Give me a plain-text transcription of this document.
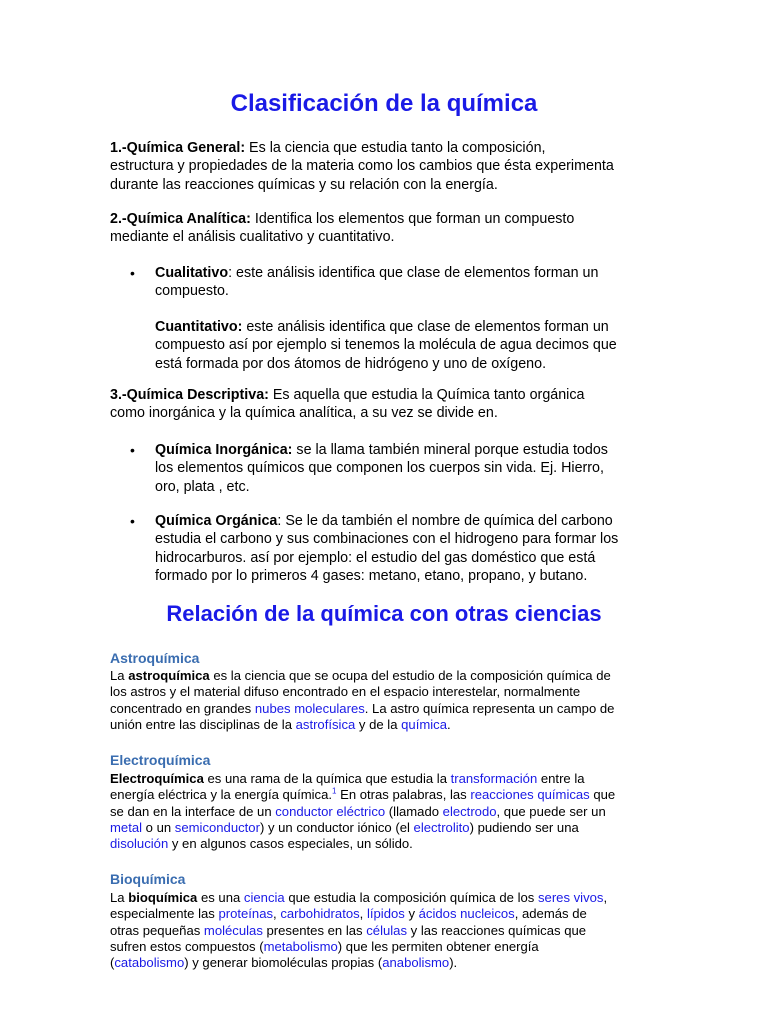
Clasificación de la química
1.-Química General: Es la ciencia que estudia tanto la composición,
estructura y propiedades de la materia como los cambios que ésta experimenta
durante las reacciones químicas y su relación con la energía.
2.-Química Analítica: Identifica los elementos que forman un compuesto
mediante el análisis cualitativo y cuantitativo.
• Cualitativo: este análisis identifica que clase de elementos forman un
compuesto.
Cuantitativo: este análisis identifica que clase de elementos forman un
compuesto así por ejemplo si tenemos la molécula de agua decimos que
está formada por dos átomos de hidrógeno y uno de oxígeno.
3.-Química Descriptiva: Es aquella que estudia la Química tanto orgánica
como inorgánica y la química analítica, a su vez se divide en.
• Química Inorgánica: se la llama también mineral porque estudia todos
los elementos químicos que componen los cuerpos sin vida. Ej. Hierro,
oro, plata , etc.
• Química Orgánica: Se le da también el nombre de química del carbono
estudia el carbono y sus combinaciones con el hidrogeno para formar los
hidrocarburos. así por ejemplo: el estudio del gas doméstico que está
formado por lo primeros 4 gases: metano, etano, propano, y butano.
Relación de la química con otras ciencias
Astroquímica
La astroquímica es la ciencia que se ocupa del estudio de la composición química de
los astros y el material difuso encontrado en el espacio interestelar, normalmente
concentrado en grandes nubes moleculares. La astro química representa un campo de
unión entre las disciplinas de la astrofísica y de la química.
Electroquímica
Electroquímica es una rama de la química que estudia la transformación entre la
energía eléctrica y la energía química.$^1$ En otras palabras, las reacciones químicas que
se dan en la interface de un conductor eléctrico (llamado electrodo, que puede ser un
metal o un semiconductor) y un conductor iónico (el electrolito) pudiendo ser una
disolución y en algunos casos especiales, un sólido.
Bioquímica
La bioquímica es una ciencia que estudia la composición química de los seres vivos,
especialmente las proteínas, carbohidratos, lípidos y ácidos nucleicos, además de
otras pequeñas moléculas presentes en las células y las reacciones químicas que
sufren estos compuestos (metabolismo) que les permiten obtener energía
(catabolismo) y generar biomoléculas propias (anabolismo).
